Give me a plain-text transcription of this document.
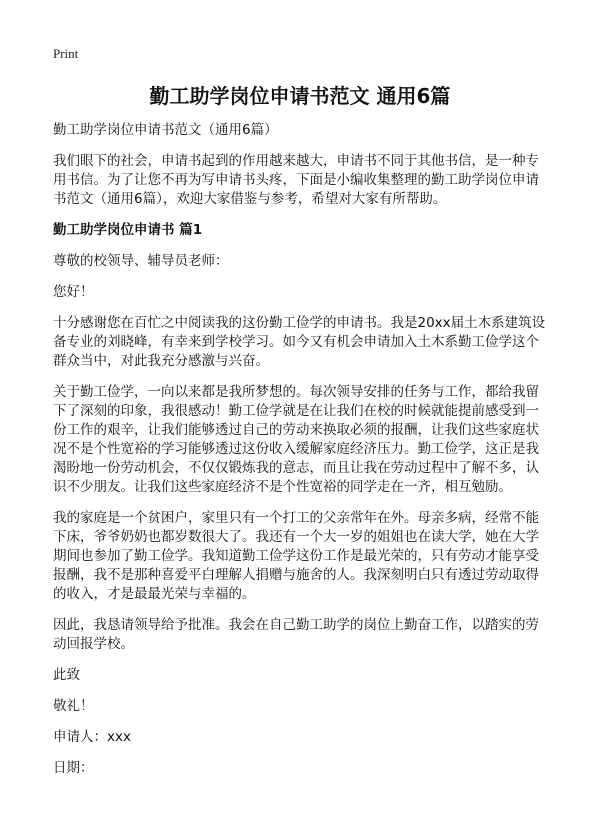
Print
勤工助学岗位申请书范文 通用6篇

勤工助学岗位申请书范文（通用6篇）

我们眼下的社会，申请书起到的作用越来越大，申请书不同于其他书信，是一种专
用书信。为了让您不再为写申请书头疼，下面是小编收集整理的勤工助学岗位申请
书范文（通用6篇），欢迎大家借鉴与参考，希望对大家有所帮助。

勤工助学岗位申请书 篇1

尊敬的校领导、辅导员老师：

您好！

十分感谢您在百忙之中阅读我的这份勤工俭学的申请书。我是20xx届土木系建筑设
备专业的刘晓峰，有幸来到学校学习。如今又有机会申请加入土木系勤工俭学这个
群众当中，对此我充分感激与兴奋。

关于勤工俭学，一向以来都是我所梦想的。每次领导安排的任务与工作，都给我留
下了深刻的印象，我很感动！勤工俭学就是在让我们在校的时候就能提前感受到一
份工作的艰辛，让我们能够透过自己的劳动来换取必须的报酬，让我们这些家庭状
况不是个性宽裕的学习能够透过这份收入缓解家庭经济压力。勤工俭学，这正是我
渴盼地一份劳动机会，不仅仅锻炼我的意志，而且让我在劳动过程中了解不多，认
识不少朋友。让我们这些家庭经济不是个性宽裕的同学走在一齐，相互勉励。

我的家庭是一个贫困户，家里只有一个打工的父亲常年在外。母亲多病，经常不能
下床，爷爷奶奶也都岁数很大了。我还有一个大一岁的姐姐也在读大学，她在大学
期间也参加了勤工俭学。我知道勤工俭学这份工作是最光荣的，只有劳动才能享受
报酬，我不是那种喜爱平白理解人捐赠与施舍的人。我深刻明白只有透过劳动取得
的收入，才是最最光荣与幸福的。

因此，我恳请领导给予批准。我会在自己勤工助学的岗位上勤奋工作，以踏实的劳
动回报学校。

此致

敬礼！

申请人：xxx

日期：
